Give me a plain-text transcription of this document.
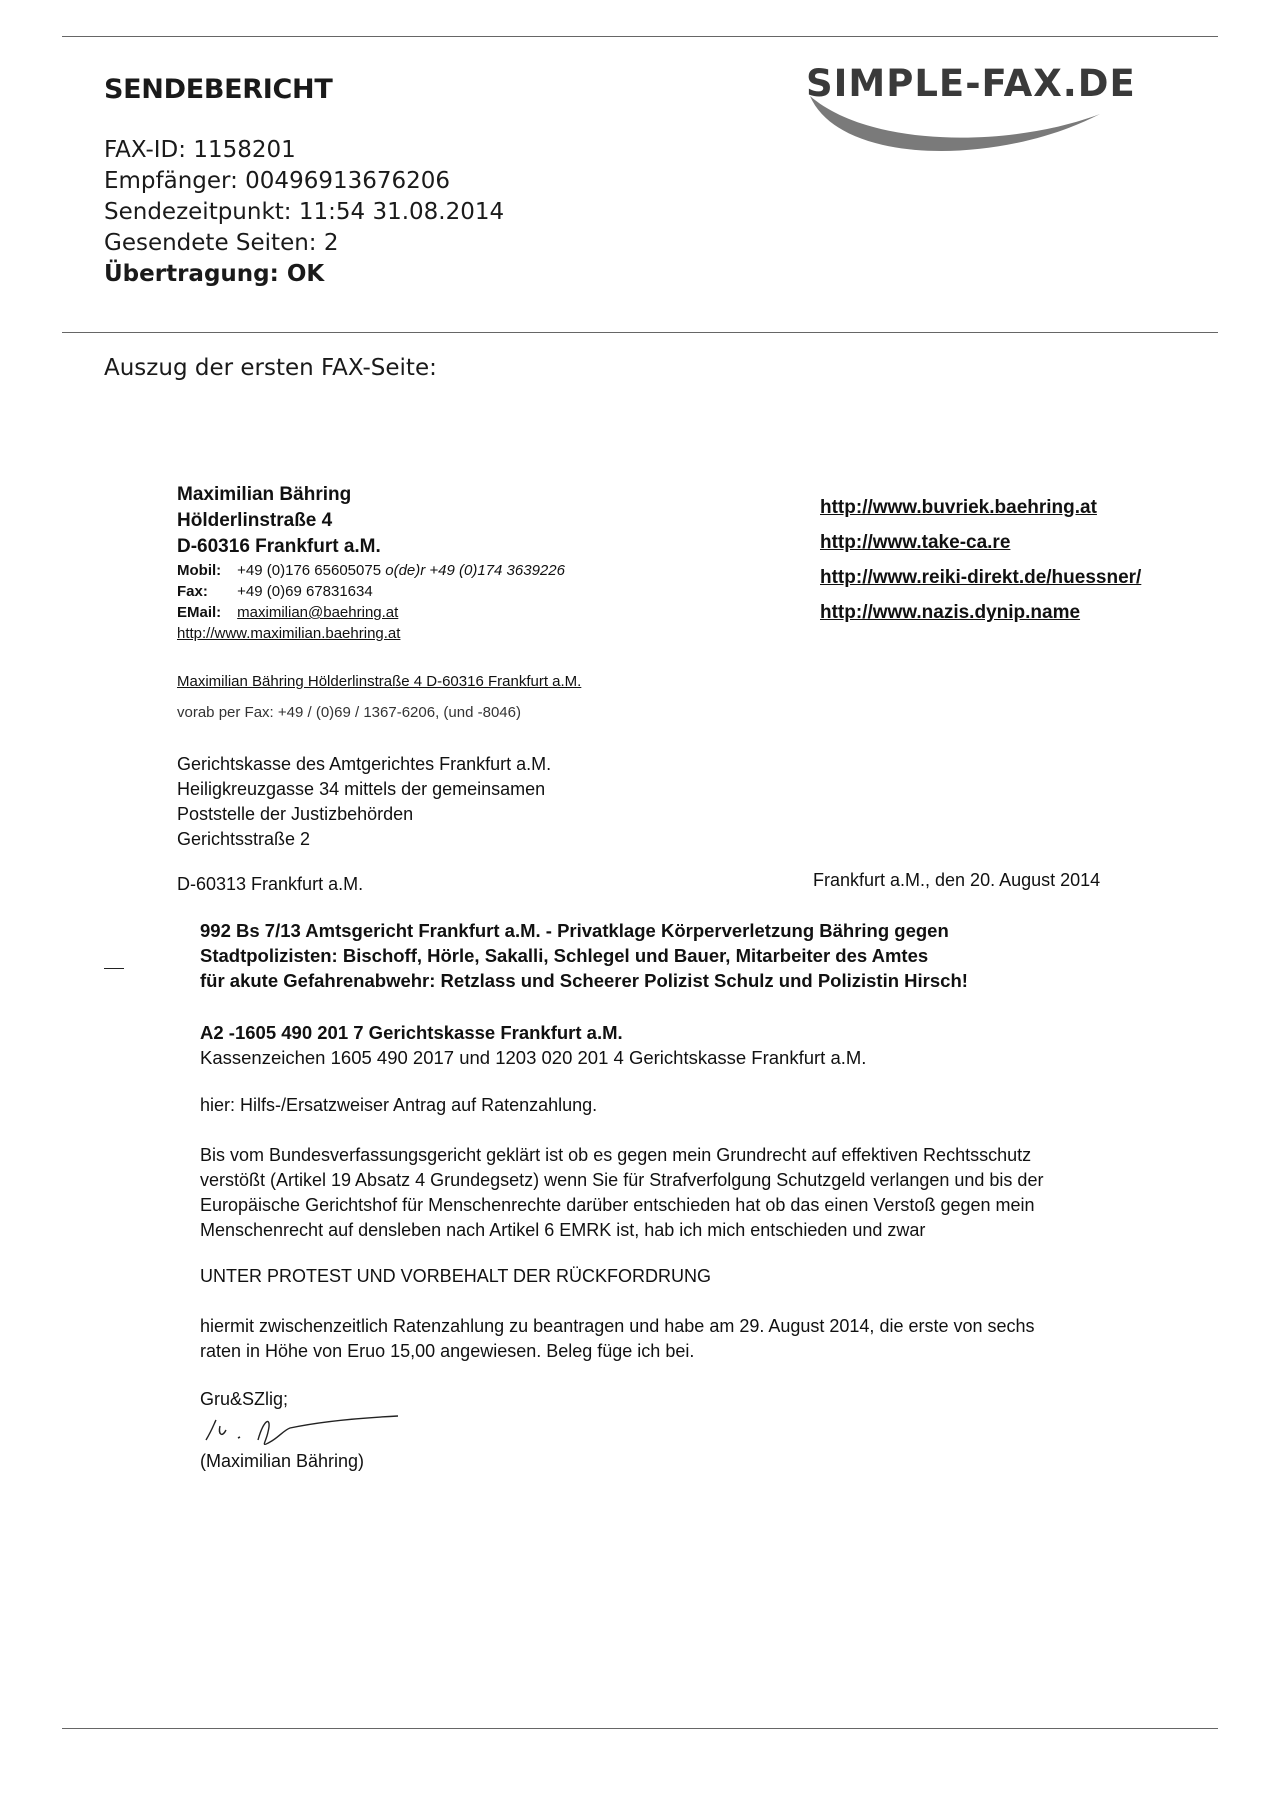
SENDEBERICHT	SIMPLE-FAX.DE
FAX-ID: 1158201
Empfänger: 00496913676206
Sendezeitpunkt: 11:54 31.08.2014
Gesendete Seiten: 2
Übertragung: OK
Auszug der ersten FAX-Seite:
Maximilian Bähring
Hölderlinstraße 4
D-60316 Frankfurt a.M.
Mobil: +49 (0)176 65605075 o(de)r +49 (0)174 3639226
Fax: +49 (0)69 67831634
EMail: maximilian@baehring.at
http://www.maximilian.baehring.at
http://www.buvriek.baehring.at
http://www.take-ca.re
http://www.reiki-direkt.de/huessner/
http://www.nazis.dynip.name
Maximilian Bähring Hölderlinstraße 4 D-60316 Frankfurt a.M.
vorab per Fax: +49 / (0)69 / 1367-6206, (und -8046)
Gerichtskasse des Amtgerichtes Frankfurt a.M.
Heiligkreuzgasse 34 mittels der gemeinsamen
Poststelle der Justizbehörden
Gerichtsstraße 2
D-60313 Frankfurt a.M.	Frankfurt a.M., den 20. August 2014
992 Bs 7/13 Amtsgericht Frankfurt a.M. - Privatklage Körperverletzung Bähring gegen
Stadtpolizisten: Bischoff, Hörle, Sakalli, Schlegel und Bauer, Mitarbeiter des Amtes
für akute Gefahrenabwehr: Retzlass und Scheerer Polizist Schulz und Polizistin Hirsch!
A2 -1605 490 201 7 Gerichtskasse Frankfurt a.M.
Kassenzeichen 1605 490 2017 und 1203 020 201 4 Gerichtskasse Frankfurt a.M.
hier: Hilfs-/Ersatzweiser Antrag auf Ratenzahlung.
Bis vom Bundesverfassungsgericht geklärt ist ob es gegen mein Grundrecht auf effektiven Rechtsschutz
verstößt (Artikel 19 Absatz 4 Grundegsetz) wenn Sie für Strafverfolgung Schutzgeld verlangen und bis der
Europäische Gerichtshof für Menschenrechte darüber entschieden hat ob das einen Verstoß gegen mein
Menschenrecht auf densleben nach Artikel 6 EMRK ist, hab ich mich entschieden und zwar
UNTER PROTEST UND VORBEHALT DER RÜCKFORDRUNG
hiermit zwischenzeitlich Ratenzahlung zu beantragen und habe am 29. August 2014, die erste von sechs
raten in Höhe von Eruo 15,00 angewiesen. Beleg füge ich bei.
Gru&SZlig;
(Maximilian Bähring)
